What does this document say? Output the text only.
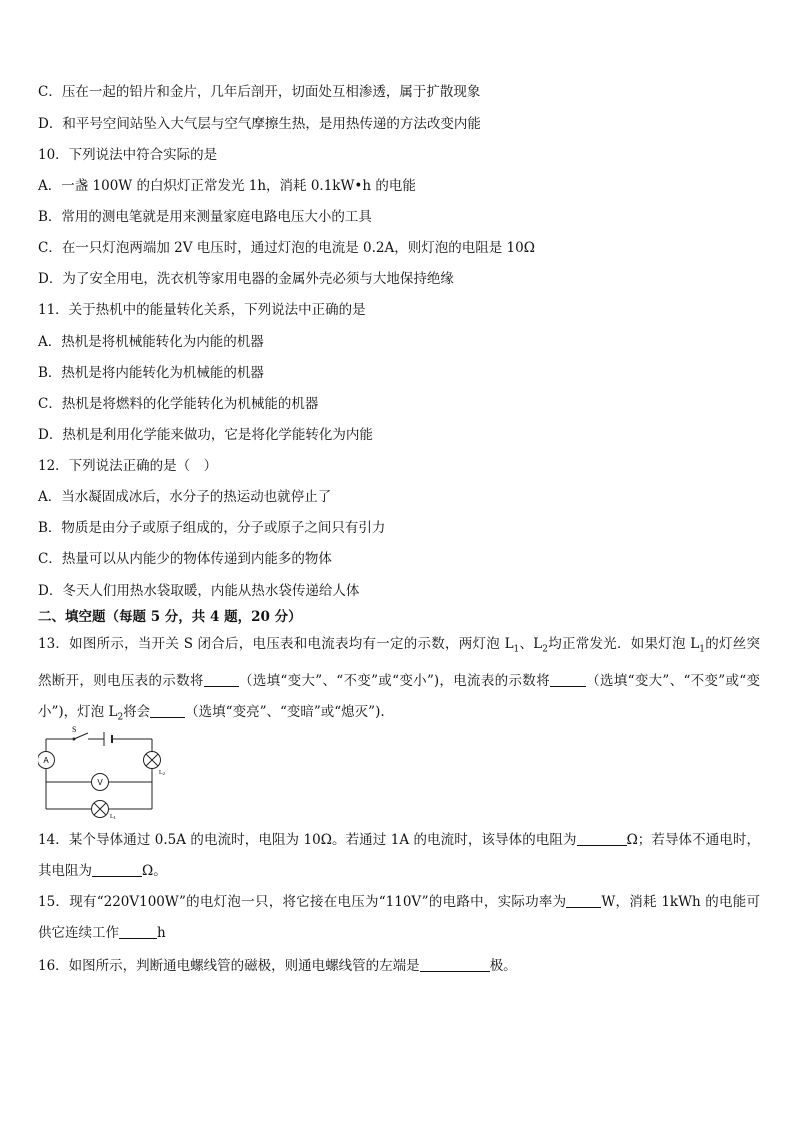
C．压在一起的铅片和金片，几年后剖开，切面处互相渗透，属于扩散现象
D．和平号空间站坠入大气层与空气摩擦生热，是用热传递的方法改变内能
10．下列说法中符合实际的是
A．一盏 100W 的白炽灯正常发光 1h，消耗 0.1kW•h 的电能
B．常用的测电笔就是用来测量家庭电路电压大小的工具
C．在一只灯泡两端加 2V 电压时，通过灯泡的电流是 0.2A，则灯泡的电阻是 10Ω
D．为了安全用电，洗衣机等家用电器的金属外壳必须与大地保持绝缘
11．关于热机中的能量转化关系，下列说法中正确的是
A．热机是将机械能转化为内能的机器
B．热机是将内能转化为机械能的机器
C．热机是将燃料的化学能转化为机械能的机器
D．热机是利用化学能来做功，它是将化学能转化为内能
12．下列说法正确的是（　）
A．当水凝固成冰后，水分子的热运动也就停止了
B．物质是由分子或原子组成的，分子或原子之间只有引力
C．热量可以从内能少的物体传递到内能多的物体
D．冬天人们用热水袋取暖，内能从热水袋传递给人体
二、填空题（每题 5 分，共 4 题，20 分）
13．如图所示，当开关 S 闭合后，电压表和电流表均有一定的示数，两灯泡 $L_1$、$L_2$均正常发光．如果灯泡 $L_1$的灯丝突然断开，则电压表的示数将	（选填“变大”、“不变”或“变小”)，电流表的示数将	（选填“变大”、“不变”或“变小”)，灯泡 $L_2$将会	（选填“变亮”、“变暗”或“熄灭”).
S
A
L2
V
L1
14．某个导体通过 0.5A 的电流时，电阻为 10Ω。若通过 1A 的电流时，该导体的电阻为	Ω；若导体不通电时，其电阻为	Ω。
15．现有“220V100W”的电灯泡一只，将它接在电压为“110V”的电路中，实际功率为	W，消耗 1kWh 的电能可供它连续工作	h
16．如图所示，判断通电螺线管的磁极，则通电螺线管的左端是	极。
